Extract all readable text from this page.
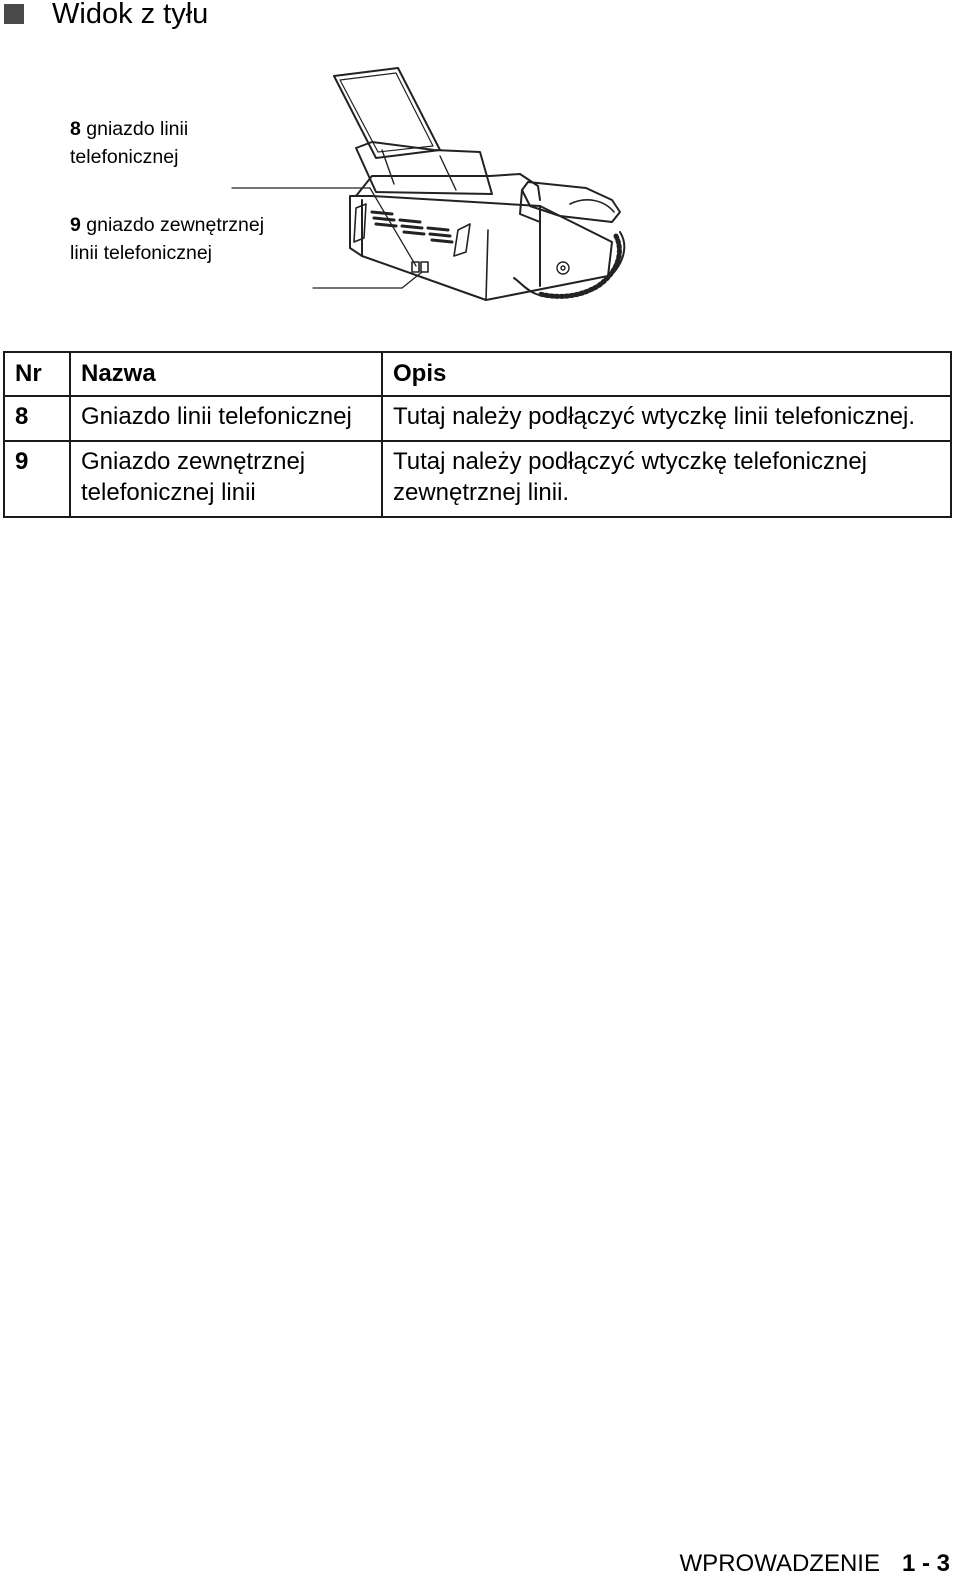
Widok z tyłu
8 gniazdo linii
telefonicznej
9 gniazdo zewnętrznej
linii telefonicznej
Nr	Nazwa	Opis
8	Gniazdo linii telefonicznej	Tutaj należy podłączyć wtyczkę linii telefonicznej.
9	Gniazdo zewnętrznej telefonicznej linii	Tutaj należy podłączyć wtyczkę telefonicznej zewnętrznej linii.
WPROWADZENIE 1 - 3
